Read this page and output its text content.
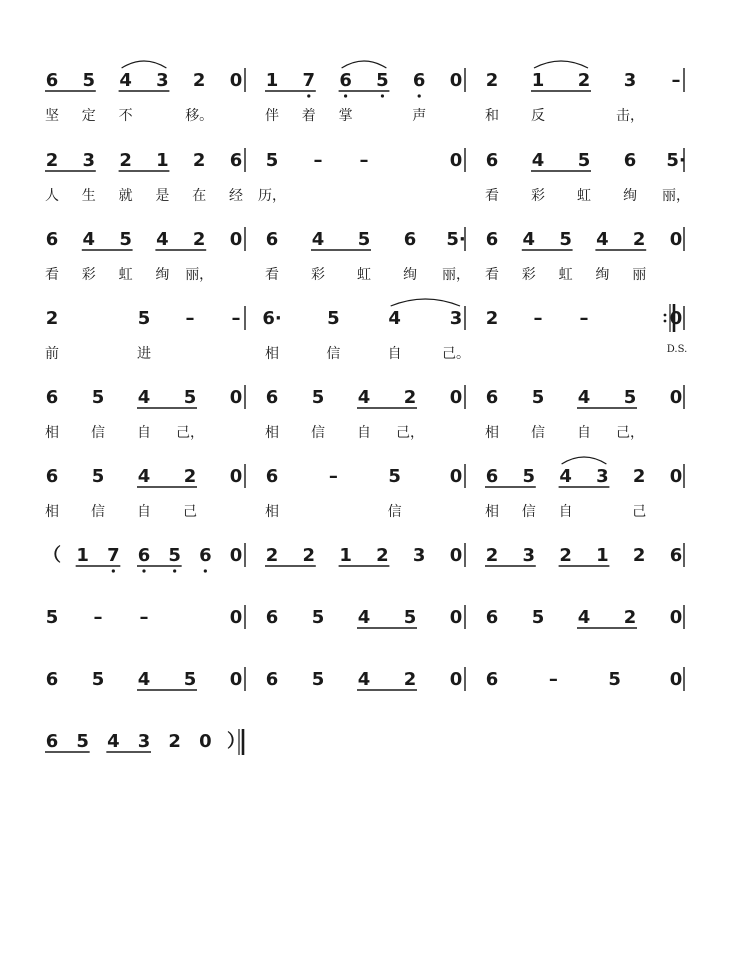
6 5 4 3 2 0
坚 定 不	移。
1 7 6 5 6 0
伴 着 掌	声
2 1 2 3 –
和 反	击，
2 3 2 1 2 6
人 生 就 是 在 经
5 – –	0
历，
6 4 5 6 5·
看 彩 虹 绚 丽，
6 4 5 4 2 0
看 彩 虹 绚 丽，
6 4 5 6 5·
看 彩 虹 绚 丽，
6 4 5 4 2 0
看 彩 虹 绚 丽
2	5 – –
前	进
6·	5	4	3
相	信	自	己。
2 – –	0
D.S.
6 5 4 5 0
相 信 自 己，
6 5 4 2 0
相 信 自 己，
6 5 4 5 0
相 信 自 己，
6 5 4 2 0
相 信 自 己
6	–	5	0
相	信
6 5 4 3 2 0
相 信 自	己
（ 1 7 6 5 6 0 2 2 1 2 3 0 2 3 2 1 2 6
5 – –	0 6 5 4 5 0 6 5 4 2 0
6 5 4 5 0 6 5 4 2 0 6	–	5	0
6 5 4 3 2 0 ）
